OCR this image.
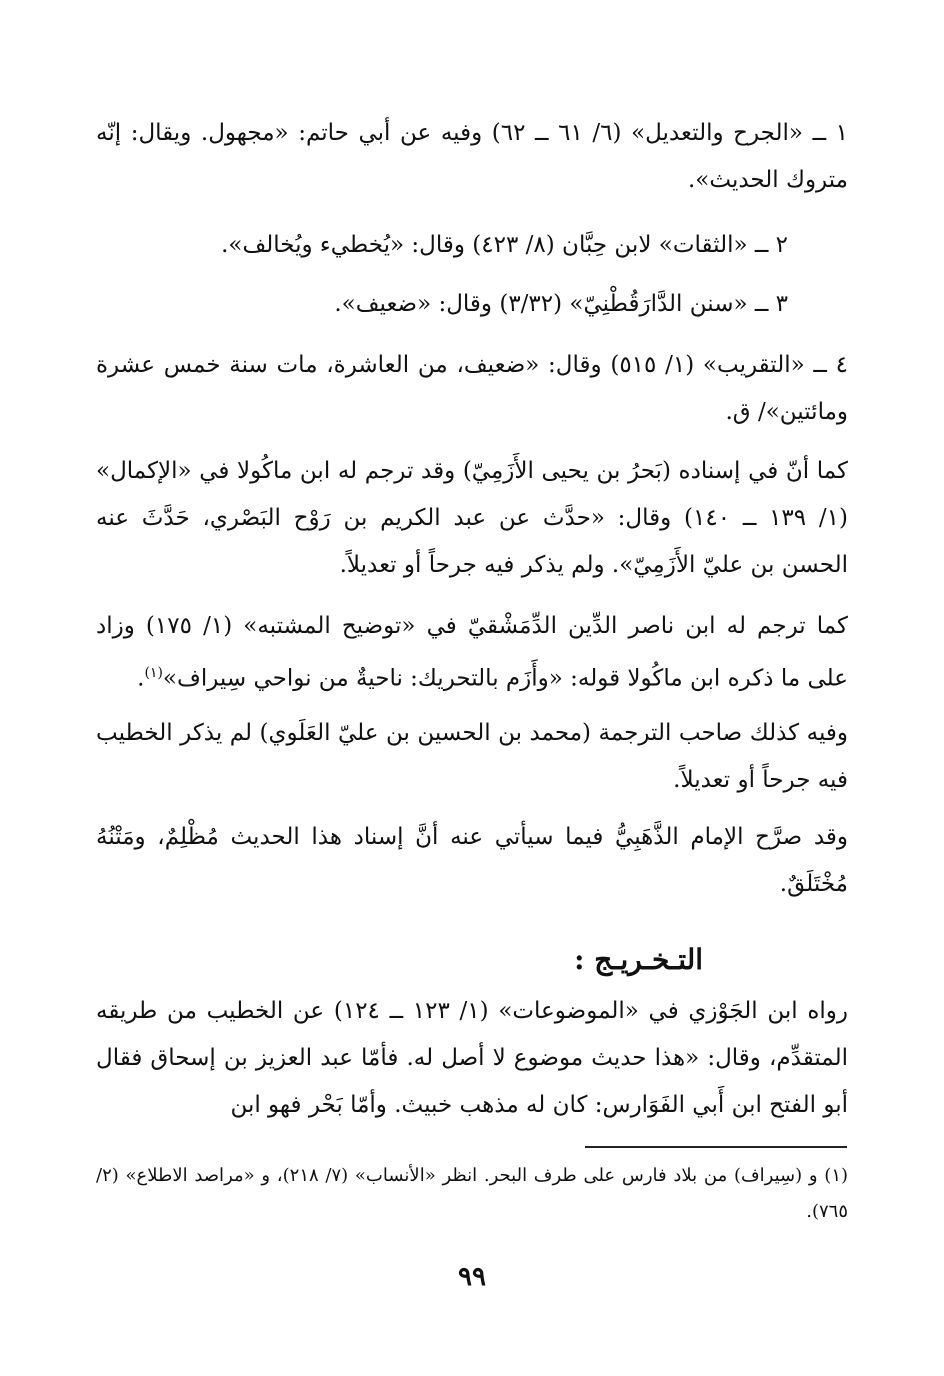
١ ــ «الجرح والتعديل» (٦/ ٦١ ــ ٦٢) وفيه عن أبي حاتم: «مجهول. ويقال: إنّه متروك الحديث».

٢ ــ «الثقات» لابن حِبَّان (٨/ ٤٢٣) وقال: «يُخطيء ويُخالف».

٣ ــ «سنن الدَّارَقُطْنِيّ» (٣/٣٢) وقال: «ضعيف».

٤ ــ «التقريب» (١/ ٥١٥) وقال: «ضعيف، من العاشرة، مات سنة خمس عشرة ومائتين»/ ق.

كما أنّ في إسناده (بَحرُ بن يحيى الأَزَمِيّ) وقد ترجم له ابن ماكُولا في «الإكمال» (١/ ١٣٩ ــ ١٤٠) وقال: «حدَّث عن عبد الكريم بن رَوْح البَصْري، حَدَّثَ عنه الحسن بن عليّ الأَزَمِيّ». ولم يذكر فيه جرحاً أو تعديلاً.

كما ترجم له ابن ناصر الدِّين الدِّمَشْقيّ في «توضيح المشتبه» (١/ ١٧٥) وزاد على ما ذكره ابن ماكُولا قوله: «وأَزَم بالتحريك: ناحيةٌ من نواحي سِيراف»$^{(١)}$.

وفيه كذلك صاحب الترجمة (محمد بن الحسين بن عليّ العَلَوي) لم يذكر الخطيب فيه جرحاً أو تعديلاً.

وقد صرَّح الإمام الذَّهَبِيُّ فيما سيأتي عنه أنَّ إسناد هذا الحديث مُظْلِمٌ، ومَتْنُهُ مُخْتَلَقٌ.

التـخـريـج :

رواه ابن الجَوْزي في «الموضوعات» (١/ ١٢٣ ــ ١٢٤) عن الخطيب من طريقه المتقدِّم، وقال: «هذا حديث موضوع لا أصل له. فأمّا عبد العزيز بن إسحاق فقال أبو الفتح ابن أَبي الفَوَارس: كان له مذهب خبيث. وأمّا بَحْر فهو ابن

(١) و (سِيراف) من بلاد فارس على طرف البحر. انظر «الأنساب» (٧/ ٢١٨)، و «مراصد الاطلاع» (٢/ ٧٦٥).

٩٩
